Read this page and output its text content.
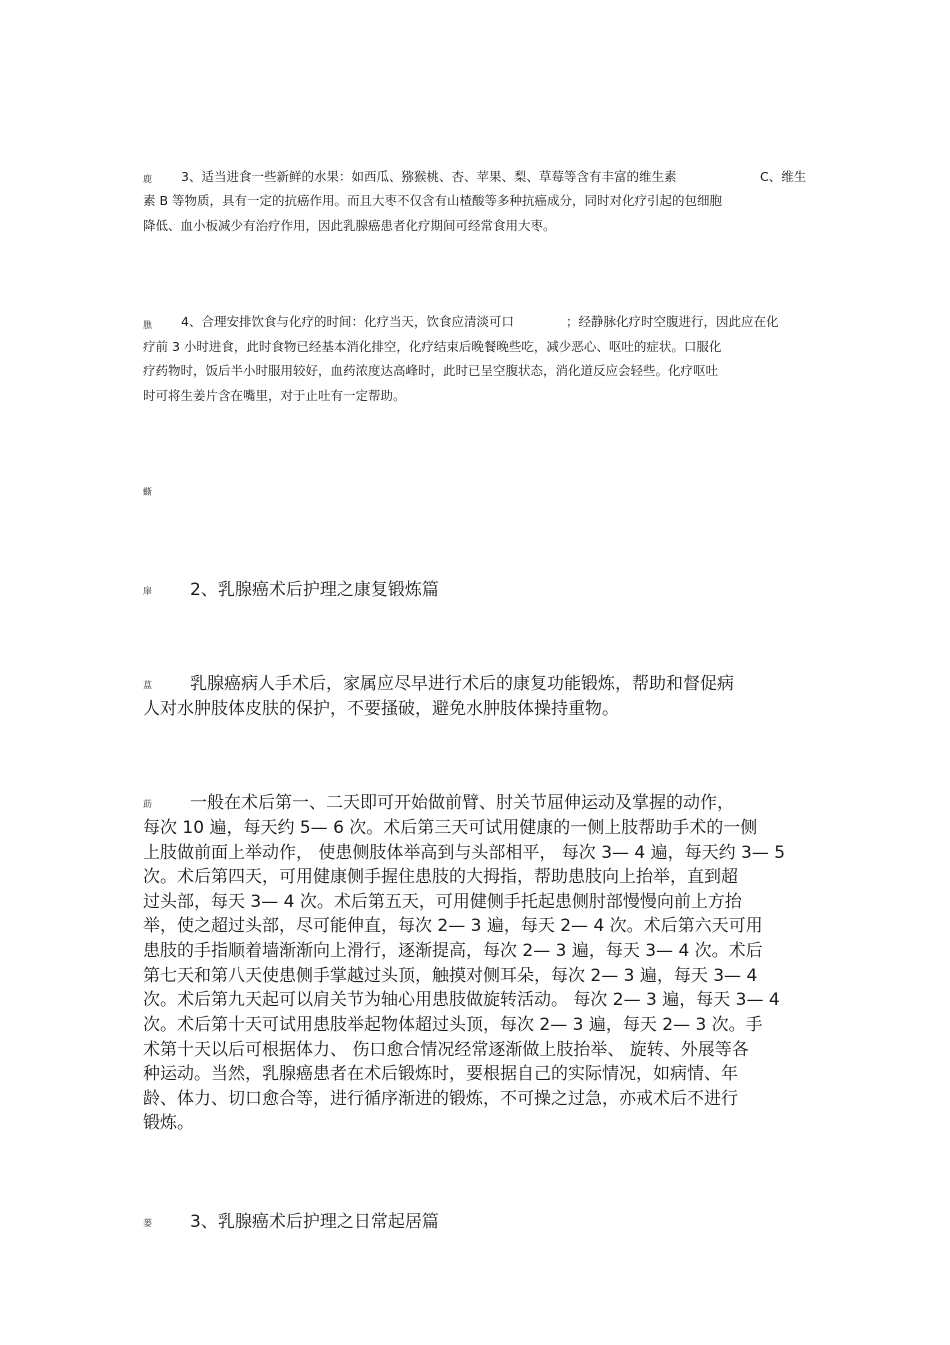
鹿 3、适当进食一些新鲜的水果：如西瓜、猕猴桃、杏、苹果、梨、草莓等含有丰富的维生素	C、维生
素 B 等物质，具有一定的抗癌作用。而且大枣不仅含有山楂酸等多种抗癌成分，同时对化疗引起的包细胞
降低、血小板减少有治疗作用，因此乳腺癌患者化疗期间可经常食用大枣。
膲 4、合理安排饮食与化疗的时间：化疗当天，饮食应清淡可口	；经静脉化疗时空腹进行，因此应在化
疗前 3 小时进食，此时食物已经基本消化排空，化疗结束后晚餐晚些吃，减少恶心、呕吐的症状。口服化
疗药物时，饭后半小时服用较好，血药浓度达高峰时，此时已呈空腹状态，消化道反应会轻些。化疗呕吐
时可将生姜片含在嘴里，对于止吐有一定帮助。
蟖
肁 2、乳腺癌术后护理之康复锻炼篇
蒀 乳腺癌病人手术后，家属应尽早进行术后的康复功能锻炼，帮助和督促病
人对水肿肢体皮肤的保护，不要搔破，避免水肿肢体操持重物。
莇 一般在术后第一、二天即可开始做前臂、肘关节屈伸运动及掌握的动作，
每次 10 遍，每天约 5— 6 次。术后第三天可试用健康的一侧上肢帮助手术的一侧
上肢做前面上举动作， 使患侧肢体举高到与头部相平， 每次 3— 4 遍，每天约 3— 5
次。术后第四天，可用健康侧手握住患肢的大拇指，帮助患肢向上抬举，直到超
过头部，每天 3— 4 次。术后第五天，可用健侧手托起患侧肘部慢慢向前上方抬
举，使之超过头部，尽可能伸直，每次 2— 3 遍，每天 2— 4 次。术后第六天可用
患肢的手指顺着墙渐渐向上滑行，逐渐提高，每次 2— 3 遍，每天 3— 4 次。术后
第七天和第八天使患侧手掌越过头顶，触摸对侧耳朵，每次 2— 3 遍，每天 3— 4
次。术后第九天起可以肩关节为轴心用患肢做旋转活动。 每次 2— 3 遍，每天 3— 4
次。术后第十天可试用患肢举起物体超过头顶，每次 2— 3 遍，每天 2— 3 次。手
术第十天以后可根据体力、 伤口愈合情况经常逐渐做上肢抬举、 旋转、外展等各
种运动。当然，乳腺癌患者在术后锻炼时，要根据自己的实际情况，如病情、年
龄、体力、切口愈合等，进行循序渐进的锻炼，不可操之过急，亦戒术后不进行
锻炼。
蒌 3、乳腺癌术后护理之日常起居篇
